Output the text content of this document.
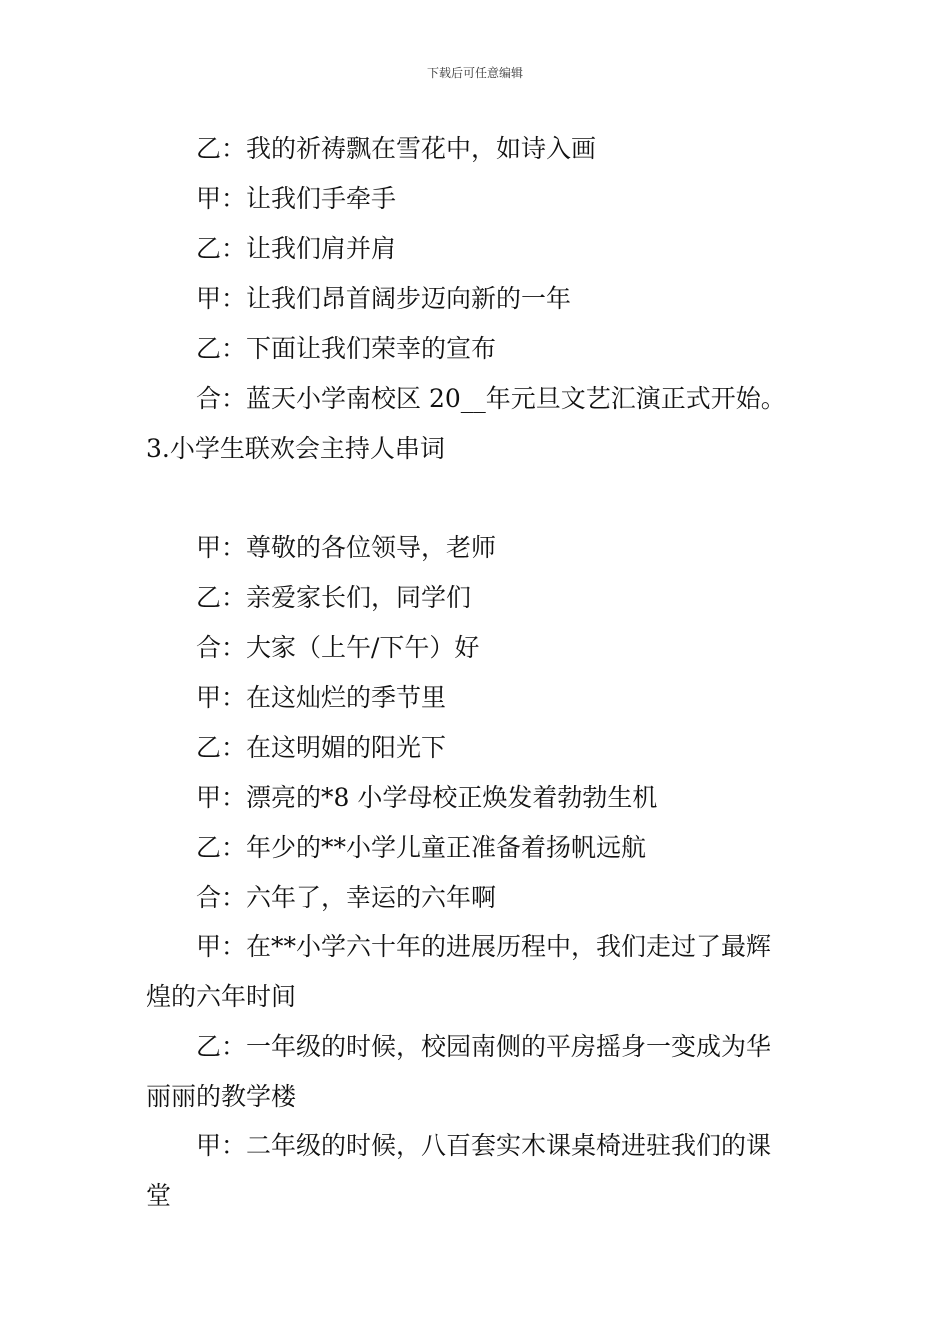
下载后可任意编辑
乙：我的祈祷飘在雪花中，如诗入画
甲：让我们手牵手
乙：让我们肩并肩
甲：让我们昂首阔步迈向新的一年
乙：下面让我们荣幸的宣布
合：蓝天小学南校区 20__年元旦文艺汇演正式开始。
3.小学生联欢会主持人串词
甲：尊敬的各位领导，老师
乙：亲爱家长们，同学们
合：大家（上午/下午）好
甲：在这灿烂的季节里
乙：在这明媚的阳光下
甲：漂亮的*8 小学母校正焕发着勃勃生机
乙：年少的**小学儿童正准备着扬帆远航
合：六年了，幸运的六年啊
甲：在**小学六十年的进展历程中，我们走过了最辉
煌的六年时间
乙：一年级的时候，校园南侧的平房摇身一变成为华
丽丽的教学楼
甲：二年级的时候，八百套实木课桌椅进驻我们的课
堂
